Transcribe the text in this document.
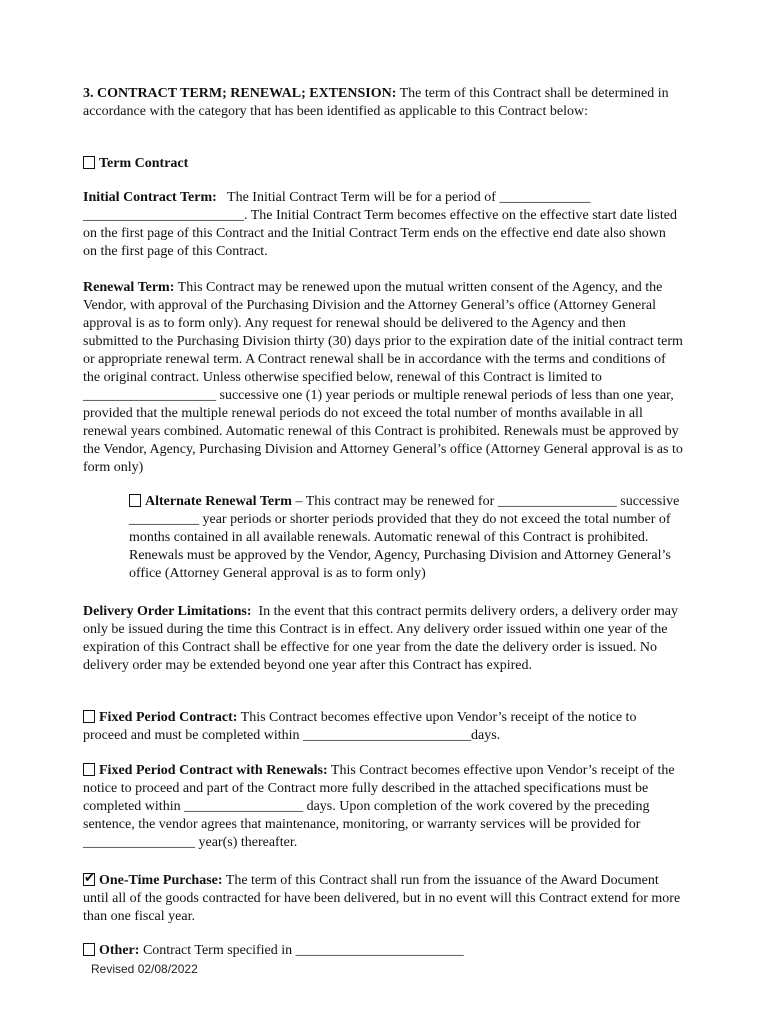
3. CONTRACT TERM; RENEWAL; EXTENSION: The term of this Contract shall be determined in accordance with the category that has been identified as applicable to this Contract below:

Term Contract

Initial Contract Term: The Initial Contract Term will be for a period of _____________ _______________________. The Initial Contract Term becomes effective on the effective start date listed on the first page of this Contract and the Initial Contract Term ends on the effective end date also shown on the first page of this Contract.

Renewal Term: This Contract may be renewed upon the mutual written consent of the Agency, and the Vendor, with approval of the Purchasing Division and the Attorney General’s office (Attorney General approval is as to form only). Any request for renewal should be delivered to the Agency and then submitted to the Purchasing Division thirty (30) days prior to the expiration date of the initial contract term or appropriate renewal term. A Contract renewal shall be in accordance with the terms and conditions of the original contract. Unless otherwise specified below, renewal of this Contract is limited to ___________________ successive one (1) year periods or multiple renewal periods of less than one year, provided that the multiple renewal periods do not exceed the total number of months available in all renewal years combined. Automatic renewal of this Contract is prohibited. Renewals must be approved by the Vendor, Agency, Purchasing Division and Attorney General’s office (Attorney General approval is as to form only)

Alternate Renewal Term – This contract may be renewed for _________________ successive __________ year periods or shorter periods provided that they do not exceed the total number of months contained in all available renewals. Automatic renewal of this Contract is prohibited. Renewals must be approved by the Vendor, Agency, Purchasing Division and Attorney General’s office (Attorney General approval is as to form only)

Delivery Order Limitations: In the event that this contract permits delivery orders, a delivery order may only be issued during the time this Contract is in effect. Any delivery order issued within one year of the expiration of this Contract shall be effective for one year from the date the delivery order is issued. No delivery order may be extended beyond one year after this Contract has expired.

Fixed Period Contract: This Contract becomes effective upon Vendor’s receipt of the notice to proceed and must be completed within ________________________days.

Fixed Period Contract with Renewals: This Contract becomes effective upon Vendor’s receipt of the notice to proceed and part of the Contract more fully described in the attached specifications must be completed within _________________ days. Upon completion of the work covered by the preceding sentence, the vendor agrees that maintenance, monitoring, or warranty services will be provided for ________________ year(s) thereafter.

✔One-Time Purchase: The term of this Contract shall run from the issuance of the Award Document until all of the goods contracted for have been delivered, but in no event will this Contract extend for more than one fiscal year.

Other: Contract Term specified in ________________________

Revised 02/08/2022
